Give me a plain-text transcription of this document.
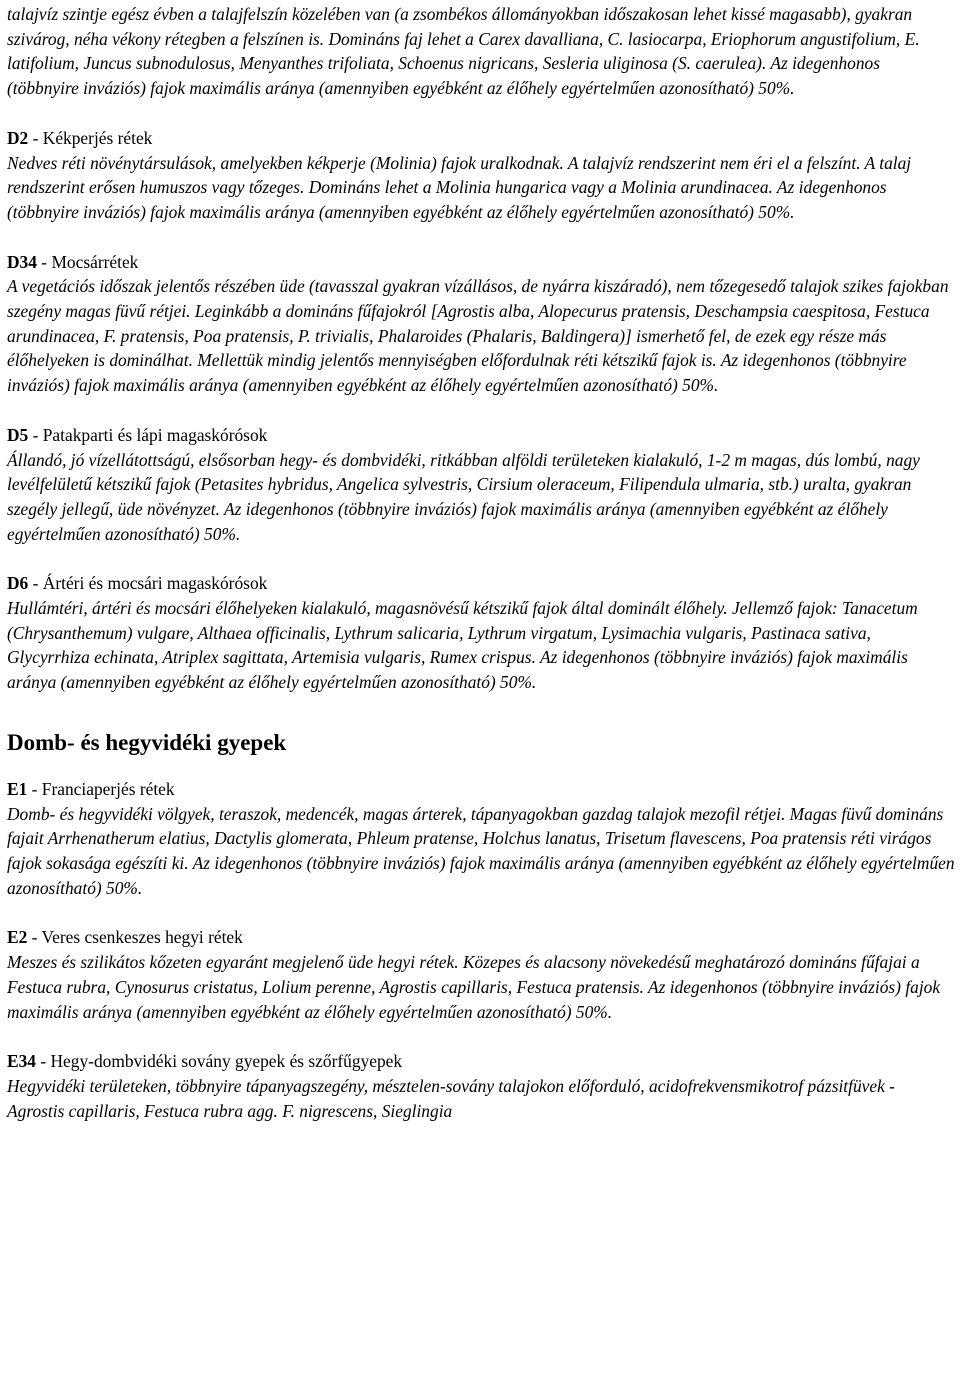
talajvíz szintje egész évben a talajfelszín közelében van (a zsombékos állományokban időszakosan lehet kissé magasabb), gyakran szivárog, néha vékony rétegben a felszínen is. Domináns faj lehet a Carex davalliana, C. lasiocarpa, Eriophorum angustifolium, E. latifolium, Juncus subnodulosus, Menyanthes trifoliata, Schoenus nigricans, Sesleria uliginosa (S. caerulea). Az idegenhonos (többnyire inváziós) fajok maximális aránya (amennyiben egyébként az élőhely egyértelműen azonosítható) 50%.

D2 - Kékperjés rétek

Nedves réti növénytársulások, amelyekben kékperje (Molinia) fajok uralkodnak. A talajvíz rendszerint nem éri el a felszínt. A talaj rendszerint erősen humuszos vagy tőzeges. Domináns lehet a Molinia hungarica vagy a Molinia arundinacea. Az idegenhonos (többnyire inváziós) fajok maximális aránya (amennyiben egyébként az élőhely egyértelműen azonosítható) 50%.

D34 - Mocsárrétek

A vegetációs időszak jelentős részében üde (tavasszal gyakran vízállásos, de nyárra kiszáradó), nem tőzegesedő talajok szikes fajokban szegény magas füvű rétjei. Leginkább a domináns fűfajokról [Agrostis alba, Alopecurus pratensis, Deschampsia caespitosa, Festuca arundinacea, F. pratensis, Poa pratensis, P. trivialis, Phalaroides (Phalaris, Baldingera)] ismerhető fel, de ezek egy része más élőhelyeken is dominálhat. Mellettük mindig jelentős mennyiségben előfordulnak réti kétszikű fajok is. Az idegenhonos (többnyire inváziós) fajok maximális aránya (amennyiben egyébként az élőhely egyértelműen azonosítható) 50%.

D5 - Patakparti és lápi magaskórósok

Állandó, jó vízellátottságú, elsősorban hegy- és dombvidéki, ritkábban alföldi területeken kialakuló, 1-2 m magas, dús lombú, nagy levélfelületű kétszikű fajok (Petasites hybridus, Angelica sylvestris, Cirsium oleraceum, Filipendula ulmaria, stb.) uralta, gyakran szegély jellegű, üde növényzet. Az idegenhonos (többnyire inváziós) fajok maximális aránya (amennyiben egyébként az élőhely egyértelműen azonosítható) 50%.

D6 - Ártéri és mocsári magaskórósok

Hullámtéri, ártéri és mocsári élőhelyeken kialakuló, magasnövésű kétszikű fajok által dominált élőhely. Jellemző fajok: Tanacetum (Chrysanthemum) vulgare, Althaea officinalis, Lythrum salicaria, Lythrum virgatum, Lysimachia vulgaris, Pastinaca sativa, Glycyrrhiza echinata, Atriplex sagittata, Artemisia vulgaris, Rumex crispus. Az idegenhonos (többnyire inváziós) fajok maximális aránya (amennyiben egyébként az élőhely egyértelműen azonosítható) 50%.

Domb- és hegyvidéki gyepek

E1 - Franciaperjés rétek

Domb- és hegyvidéki völgyek, teraszok, medencék, magas árterek, tápanyagokban gazdag talajok mezofil rétjei. Magas füvű domináns fajait Arrhenatherum elatius, Dactylis glomerata, Phleum pratense, Holchus lanatus, Trisetum flavescens, Poa pratensis réti virágos fajok sokasága egészíti ki. Az idegenhonos (többnyire inváziós) fajok maximális aránya (amennyiben egyébként az élőhely egyértelműen azonosítható) 50%.

E2 - Veres csenkeszes hegyi rétek

Meszes és szilikátos kőzeten egyaránt megjelenő üde hegyi rétek. Közepes és alacsony növekedésű meghatározó domináns fűfajai a Festuca rubra, Cynosurus cristatus, Lolium perenne, Agrostis capillaris, Festuca pratensis. Az idegenhonos (többnyire inváziós) fajok maximális aránya (amennyiben egyébként az élőhely egyértelműen azonosítható) 50%.

E34 - Hegy-dombvidéki sovány gyepek és szőrfűgyepek

Hegyvidéki területeken, többnyire tápanyagszegény, mésztelen-sovány talajokon előforduló, acidofrekvensmikotrof pázsitfüvek - Agrostis capillaris, Festuca rubra agg. F. nigrescens, Sieglingia
